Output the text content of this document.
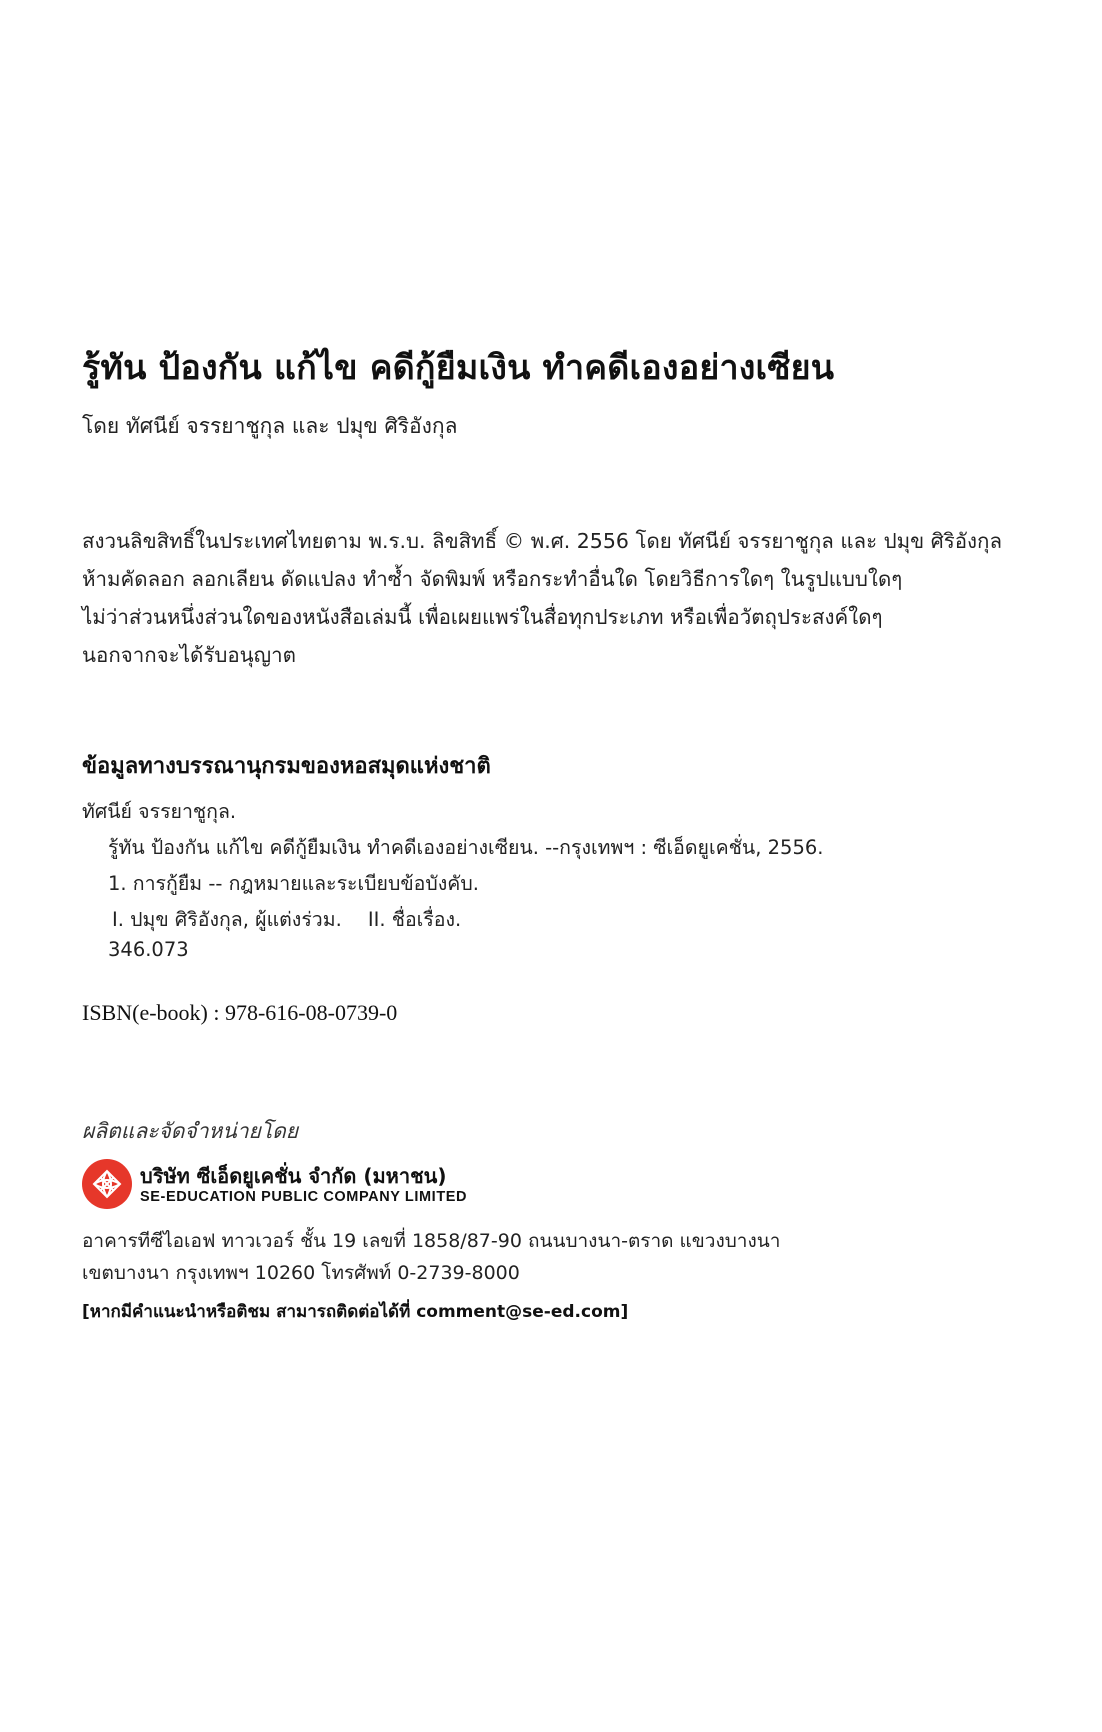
รู้ทัน ป้องกัน แก้ไข คดีกู้ยืมเงิน ทำคดีเองอย่างเซียน
โดย ทัศนีย์ จรรยาชูกุล และ ปมุข ศิริอังกุล
สงวนลิขสิทธิ์ในประเทศไทยตาม พ.ร.บ. ลิขสิทธิ์ © พ.ศ. 2556 โดย ทัศนีย์ จรรยาชูกุล และ ปมุข ศิริอังกุล
ห้ามคัดลอก ลอกเลียน ดัดแปลง ทำซ้ำ จัดพิมพ์ หรือกระทำอื่นใด โดยวิธีการใดๆ ในรูปแบบใดๆ
ไม่ว่าส่วนหนึ่งส่วนใดของหนังสือเล่มนี้ เพื่อเผยแพร่ในสื่อทุกประเภท หรือเพื่อวัตถุประสงค์ใดๆ
นอกจากจะได้รับอนุญาต
ข้อมูลทางบรรณานุกรมของหอสมุดแห่งชาติ
ทัศนีย์ จรรยาชูกุล.
รู้ทัน ป้องกัน แก้ไข คดีกู้ยืมเงิน ทำคดีเองอย่างเซียน. --กรุงเทพฯ : ซีเอ็ดยูเคชั่น, 2556.
1. การกู้ยืม -- กฎหมายและระเบียบข้อบังคับ.
I. ปมุข ศิริอังกุล, ผู้แต่งร่วม. II. ชื่อเรื่อง.
346.073
ISBN(e-book) : 978-616-08-0739-0
ผลิตและจัดจำหน่ายโดย
บริษัท ซีเอ็ดยูเคชั่น จำกัด (มหาชน)
SE-EDUCATION PUBLIC COMPANY LIMITED
อาคารทีซีไอเอฟ ทาวเวอร์ ชั้น 19 เลขที่ 1858/87-90 ถนนบางนา-ตราด แขวงบางนา
เขตบางนา กรุงเทพฯ 10260 โทรศัพท์ 0-2739-8000
[หากมีคำแนะนำหรือติชม สามารถติดต่อได้ที่ comment@se-ed.com]
